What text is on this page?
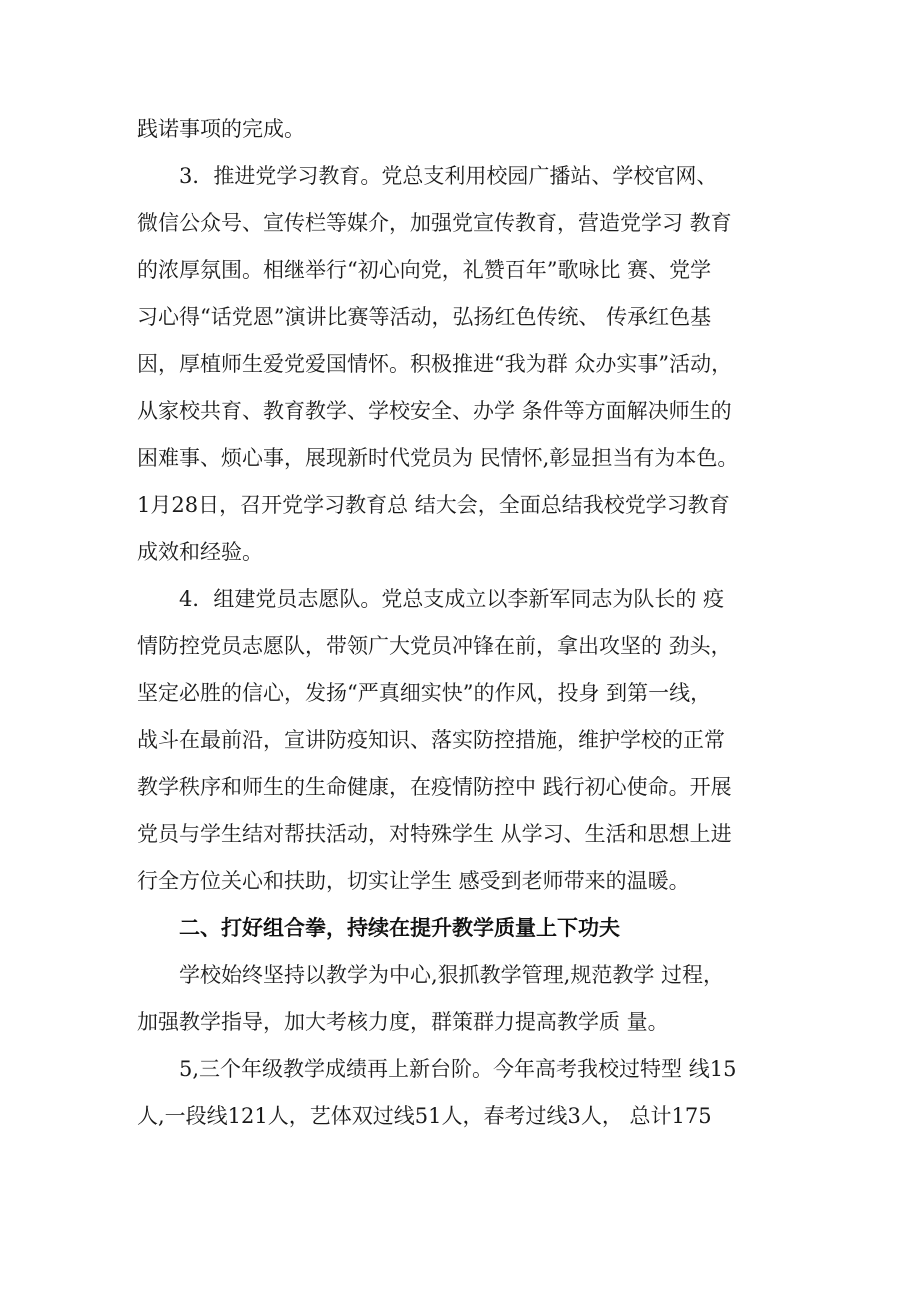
践诺事项的完成。
3．推进党学习教育。党总支利用校园广播站、学校官网、
微信公众号、宣传栏等媒介，加强党宣传教育，营造党学习 教育
的浓厚氛围。相继举行“初心向党，礼赞百年”歌咏比 赛、党学
习心得“话党恩”演讲比赛等活动，弘扬红色传统、 传承红色基
因，厚植师生爱党爱国情怀。积极推进“我为群 众办实事”活动，
从家校共育、教育教学、学校安全、办学 条件等方面解决师生的
困难事、烦心事，展现新时代党员为 民情怀,彰显担当有为本色。
1月28日，召开党学习教育总 结大会，全面总结我校党学习教育
成效和经验。
4．组建党员志愿队。党总支成立以李新军同志为队长的 疫
情防控党员志愿队，带领广大党员冲锋在前，拿出攻坚的 劲头，
坚定必胜的信心，发扬“严真细实快”的作风，投身 到第一线，
战斗在最前沿，宣讲防疫知识、落实防控措施，维护学校的正常
教学秩序和师生的生命健康，在疫情防控中 践行初心使命。开展
党员与学生结对帮扶活动，对特殊学生 从学习、生活和思想上进
行全方位关心和扶助，切实让学生 感受到老师带来的温暖。
二、打好组合拳，持续在提升教学质量上下功夫
学校始终坚持以教学为中心,狠抓教学管理,规范教学 过程，
加强教学指导，加大考核力度，群策群力提高教学质 量。
5,三个年级教学成绩再上新台阶。今年高考我校过特型 线15
人,一段线121人，艺体双过线51人，春考过线3人， 总计175
